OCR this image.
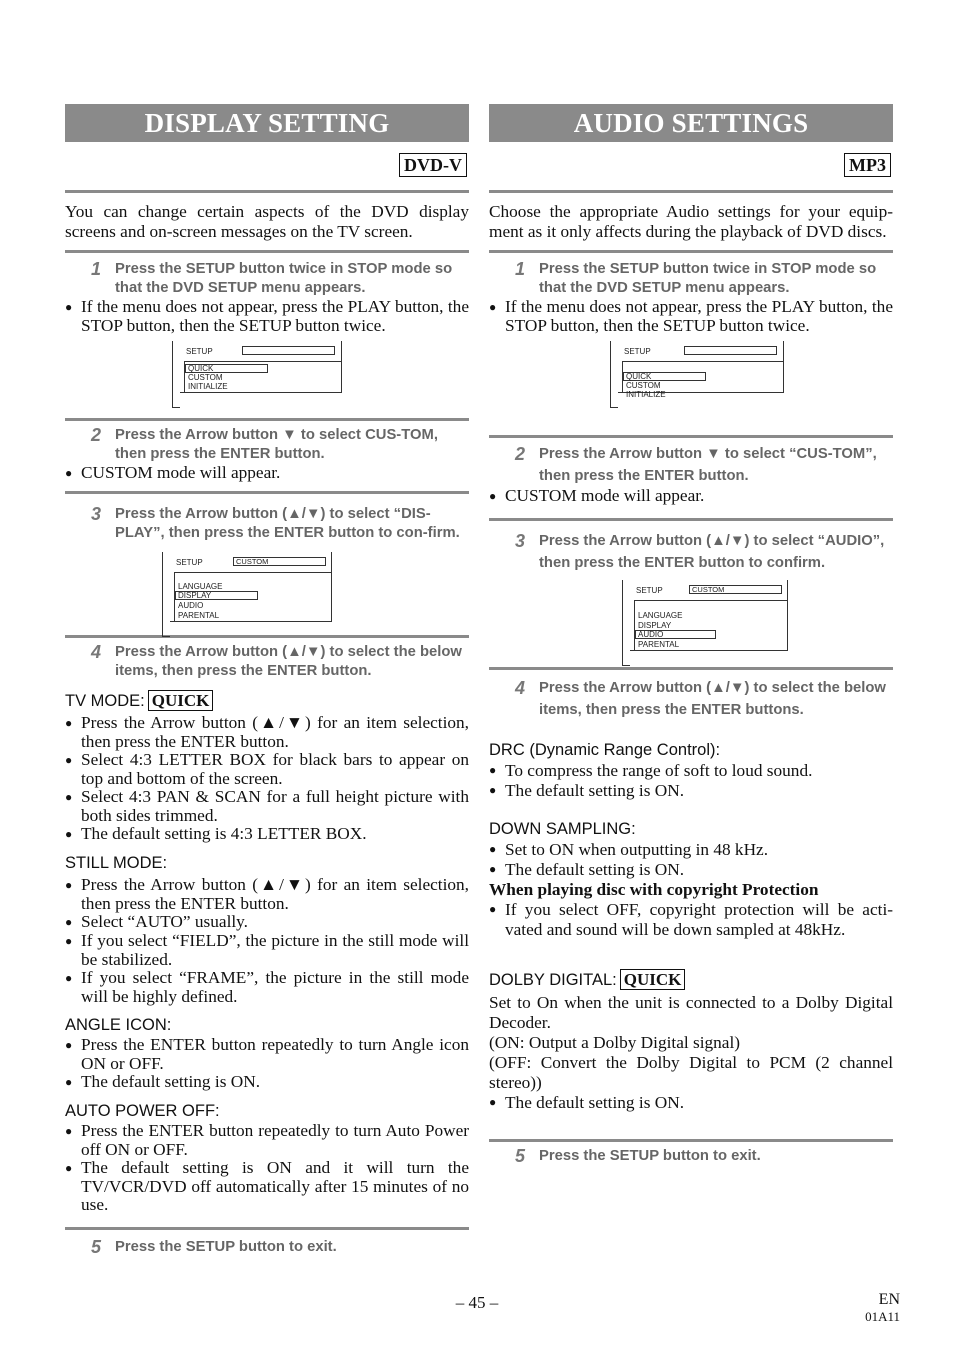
DISPLAY SETTING
DVD-V

You can change certain aspects of the DVD display screens and on-screen messages on the TV screen.

1 Press the SETUP button twice in STOP mode so that the DVD SETUP menu appears.
● If the menu does not appear, press the PLAY button, the STOP button, then the SETUP button twice.
SETUP
QUICK
CUSTOM
INITIALIZE
2 Press the Arrow button ▼ to select CUS-TOM, then press the ENTER button.
● CUSTOM mode will appear.
3 Press the Arrow button (▲/▼) to select “DIS-PLAY”, then press the ENTER button to con-firm.
SETUP	CUSTOM
LANGUAGE
DISPLAY
AUDIO
PARENTAL
4 Press the Arrow button (▲/▼) to select the below items, then press the ENTER button.
TV MODE: QUICK
● Press the Arrow button (▲/▼) for an item selection, then press the ENTER button.
● Select 4:3 LETTER BOX for black bars to appear on top and bottom of the screen.
● Select 4:3 PAN & SCAN for a full height picture with both sides trimmed.
● The default setting is 4:3 LETTER BOX.
STILL MODE:
● Press the Arrow button (▲/▼) for an item selection, then press the ENTER button.
● Select “AUTO” usually.
● If you select “FIELD”, the picture in the still mode will be stabilized.
● If you select “FRAME”, the picture in the still mode will be highly defined.
ANGLE ICON:
● Press the ENTER button repeatedly to turn Angle icon ON or OFF.
● The default setting is ON.
AUTO POWER OFF:
● Press the ENTER button repeatedly to turn Auto Power off ON or OFF.
● The default setting is ON and it will turn the TV/VCR/DVD off automatically after 15 minutes of no use.
5 Press the SETUP button to exit.
AUDIO SETTINGS
MP3

Choose the appropriate Audio settings for your equip-ment as it only affects during the playback of DVD discs.

1 Press the SETUP button twice in STOP mode so that the DVD SETUP menu appears.
● If the menu does not appear, press the PLAY button, the STOP button, then the SETUP button twice.
SETUP
QUICK
CUSTOM
INITIALIZE
2 Press the Arrow button ▼ to select “CUS-TOM”, then press the ENTER button.
● CUSTOM mode will appear.
3 Press the Arrow button (▲/▼) to select “AUDIO”, then press the ENTER button to confirm.
SETUP	CUSTOM
LANGUAGE
DISPLAY
AUDIO
PARENTAL
4 Press the Arrow button (▲/▼) to select the below items, then press the ENTER buttons.
DRC (Dynamic Range Control):
● To compress the range of soft to loud sound.
● The default setting is ON.
DOWN SAMPLING:
● Set to ON when outputting in 48 kHz.
● The default setting is ON.
When playing disc with copyright Protection
● If you select OFF, copyright protection will be acti-vated and sound will be down sampled at 48kHz.
DOLBY DIGITAL: QUICK

Set to On when the unit is connected to a Dolby Digital Decoder.

(ON: Output a Dolby Digital signal)

(OFF: Convert the Dolby Digital to PCM (2 channel stereo))

● The default setting is ON.
5 Press the SETUP button to exit.
– 45 –	EN
01A11
